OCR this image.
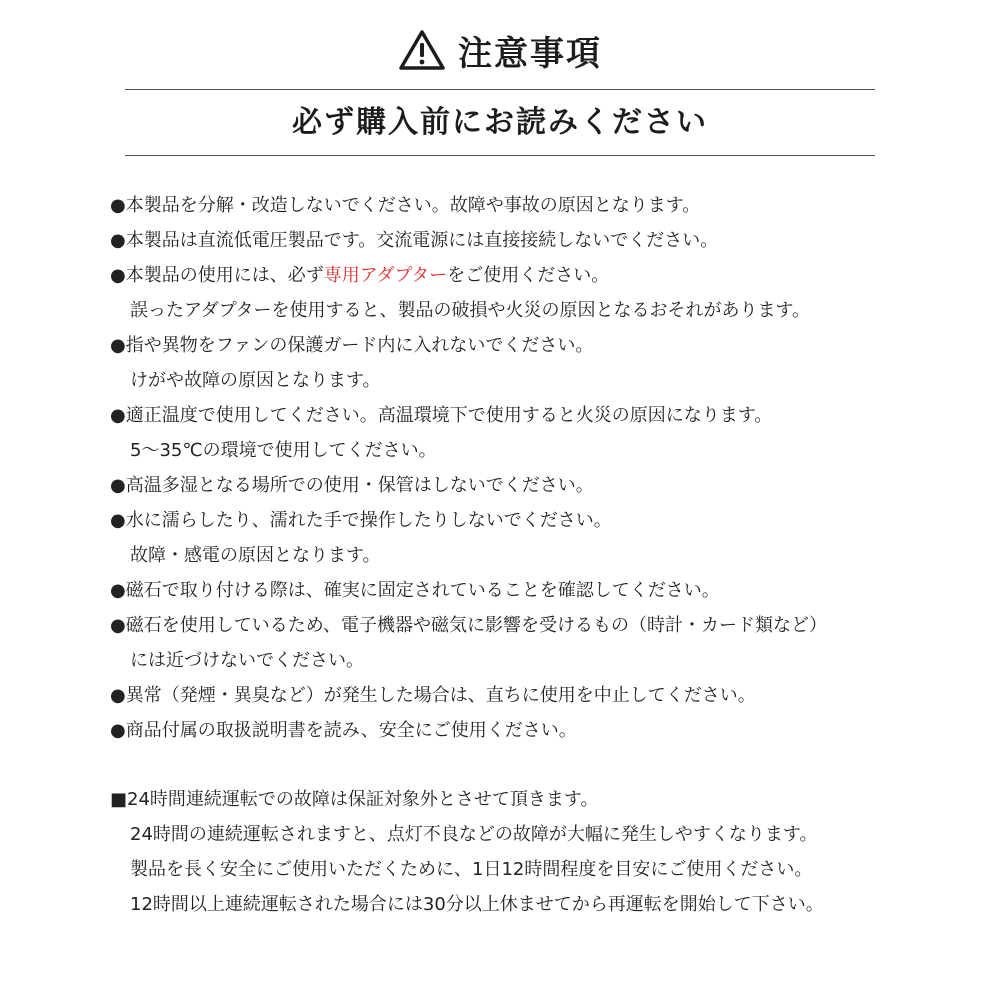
注意事項
必ず購入前にお読みください
●本製品を分解・改造しないでください。故障や事故の原因となります。
●本製品は直流低電圧製品です。交流電源には直接接続しないでください。
●本製品の使用には、必ず専用アダプターをご使用ください。
誤ったアダプターを使用すると、製品の破損や火災の原因となるおそれがあります。
●指や異物をファンの保護ガード内に入れないでください。
けがや故障の原因となります。
●適正温度で使用してください。高温環境下で使用すると火災の原因になります。
5〜35℃の環境で使用してください。
●高温多湿となる場所での使用・保管はしないでください。
●水に濡らしたり、濡れた手で操作したりしないでください。
故障・感電の原因となります。
●磁石で取り付ける際は、確実に固定されていることを確認してください。
●磁石を使用しているため、電子機器や磁気に影響を受けるもの（時計・カード類など）
には近づけないでください。
●異常（発煙・異臭など）が発生した場合は、直ちに使用を中止してください。
●商品付属の取扱説明書を読み、安全にご使用ください。
■24時間連続運転での故障は保証対象外とさせて頂きます。
24時間の連続運転されますと、点灯不良などの故障が大幅に発生しやすくなります。
製品を長く安全にご使用いただくために、1日12時間程度を目安にご使用ください。
12時間以上連続運転された場合には30分以上休ませてから再運転を開始して下さい。
